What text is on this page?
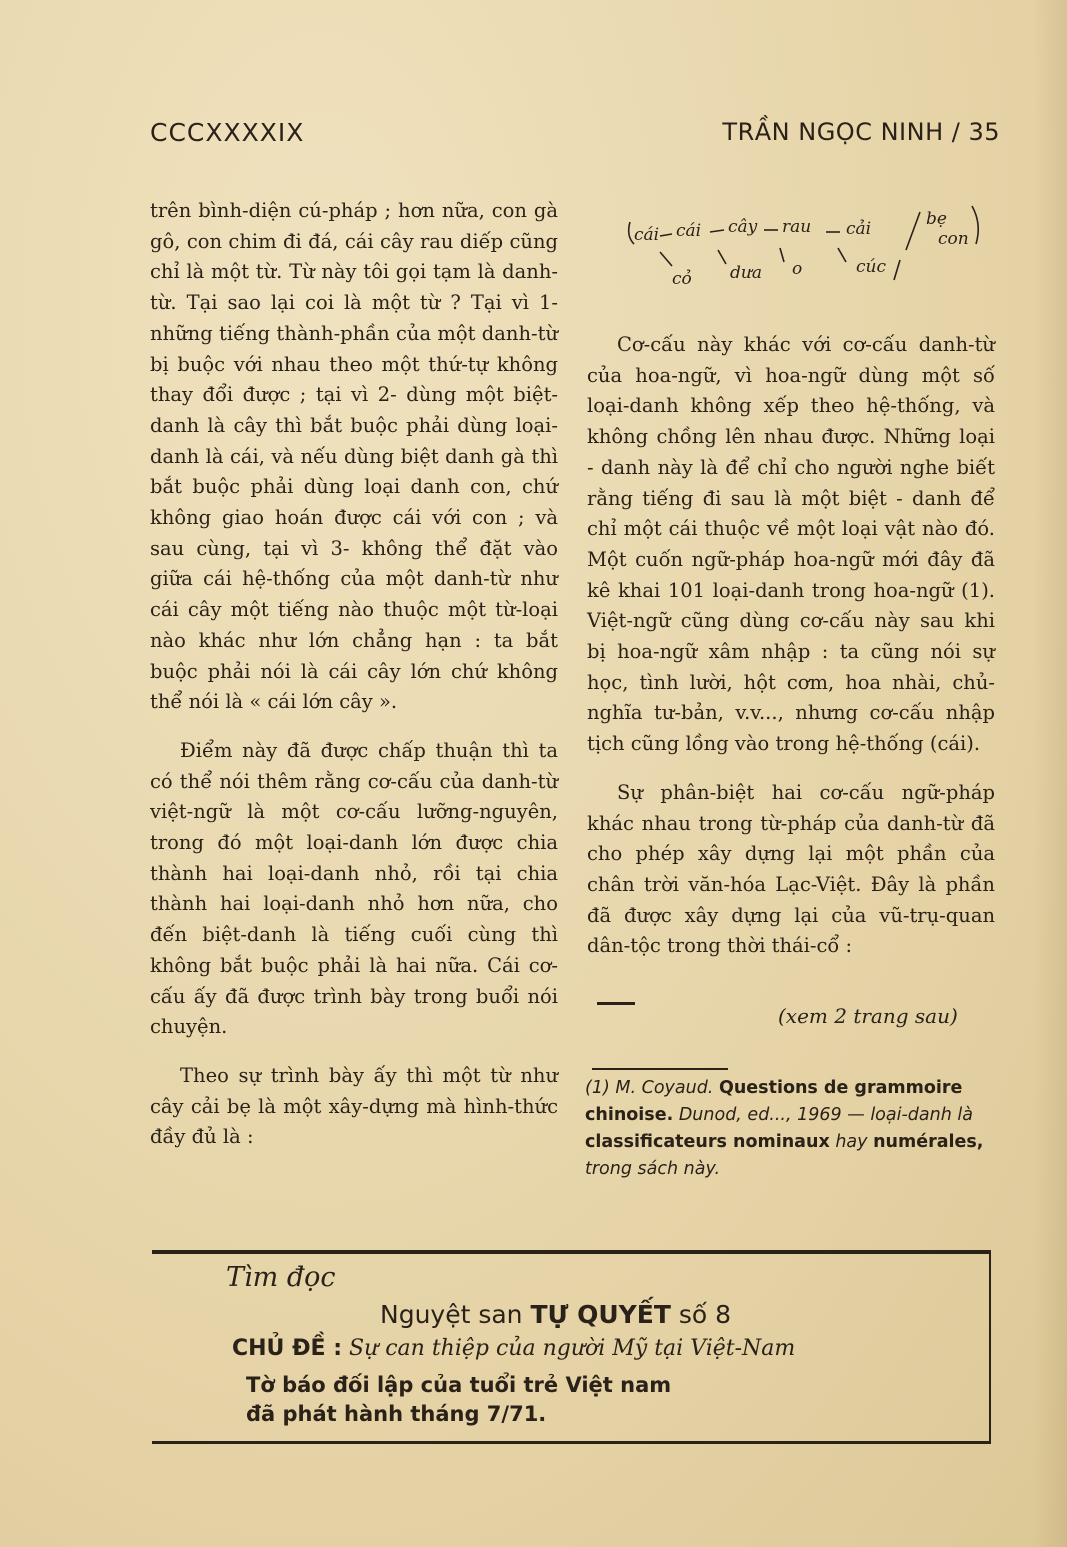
CCCXXXXIX	TRẦN NGỌC NINH / 35

trên bình-diện cú-pháp ; hơn nữa, con gà gô, con chim đi đá, cái cây rau diếp cũng chỉ là một từ. Từ này tôi gọi tạm là danh-từ. Tại sao lại coi là một từ ? Tại vì 1- những tiếng thành-phần của một danh-từ bị buộc với nhau theo một thứ-tự không thay đổi được ; tại vì 2- dùng một biệt-danh là cây thì bắt buộc phải dùng loại-danh là cái, và nếu dùng biệt danh gà thì bắt buộc phải dùng loại danh con, chứ không giao hoán được cái với con ; và sau cùng, tại vì 3- không thể đặt vào giữa cái hệ-thống của một danh-từ như cái cây một tiếng nào thuộc một từ-loại nào khác như lớn chẳng hạn : ta bắt buộc phải nói là cái cây lớn chứ không thể nói là « cái lớn cây ».

Điểm này đã được chấp thuận thì ta có thể nói thêm rằng cơ-cấu của danh-từ việt-ngữ là một cơ-cấu lưỡng-nguyên, trong đó một loại-danh lớn được chia thành hai loại-danh nhỏ, rồi tại chia thành hai loại-danh nhỏ hơn nữa, cho đến biệt-danh là tiếng cuối cùng thì không bắt buộc phải là hai nữa. Cái cơ-cấu ấy đã được trình bày trong buổi nói chuyện.

Theo sự trình bày ấy thì một từ như cây cải bẹ là một xây-dựng mà hình-thức đầy đủ là :

cái cái cây rau cải	bẹ
con
cỏ dưa o	cúc

Cơ-cấu này khác với cơ-cấu danh-từ của hoa-ngữ, vì hoa-ngữ dùng một số loại-danh không xếp theo hệ-thống, và không chồng lên nhau được. Những loại - danh này là để chỉ cho người nghe biết rằng tiếng đi sau là một biệt - danh để chỉ một cái thuộc về một loại vật nào đó. Một cuốn ngữ-pháp hoa-ngữ mới đây đã kê khai 101 loại-danh trong hoa-ngữ (1). Việt-ngữ cũng dùng cơ-cấu này sau khi bị hoa-ngữ xâm nhập : ta cũng nói sự học, tình lười, hột cơm, hoa nhài, chủ-nghĩa tư-bản, v.v..., nhưng cơ-cấu nhập tịch cũng lồng vào trong hệ-thống (cái).

Sự phân-biệt hai cơ-cấu ngữ-pháp khác nhau trong từ-pháp của danh-từ đã cho phép xây dựng lại một phần của chân trời văn-hóa Lạc-Việt. Đây là phần đã được xây dựng lại của vũ-trụ-quan dân-tộc trong thời thái-cổ :

(xem 2 trang sau)
(1) M. Coyaud. Questions de grammoire chinoise. Dunod, ed..., 1969 — loại-danh là classificateurs nominaux hay numérales, trong sách này.
Tìm đọc
Nguyệt san TỰ QUYẾT số 8
CHỦ ĐỀ : Sự can thiệp của người Mỹ tại Việt-Nam
Tờ báo đối lập của tuổi trẻ Việt nam
đã phát hành tháng 7/71.
